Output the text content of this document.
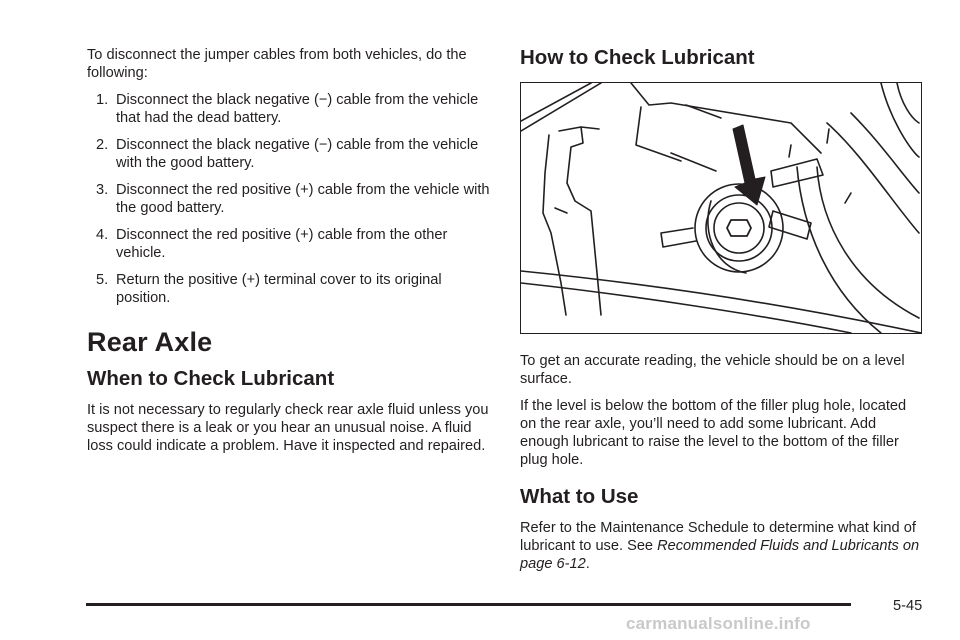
To disconnect the jumper cables from both vehicles, do the following:

1. Disconnect the black negative (−) cable from the vehicle that had the dead battery.
2. Disconnect the black negative (−) cable from the vehicle with the good battery.
3. Disconnect the red positive (+) cable from the vehicle with the good battery.
4. Disconnect the red positive (+) cable from the other vehicle.
5. Return the positive (+) terminal cover to its original position.
Rear Axle
When to Check Lubricant

It is not necessary to regularly check rear axle fluid unless you suspect there is a leak or you hear an unusual noise. A fluid loss could indicate a problem. Have it inspected and repaired.

How to Check Lubricant

To get an accurate reading, the vehicle should be on a level surface.

If the level is below the bottom of the filler plug hole, located on the rear axle, you’ll need to add some lubricant. Add enough lubricant to raise the level to the bottom of the filler plug hole.

What to Use

Refer to the Maintenance Schedule to determine what kind of lubricant to use. See Recommended Fluids and Lubricants on page 6-12.

5-45
carmanualsonline.info
